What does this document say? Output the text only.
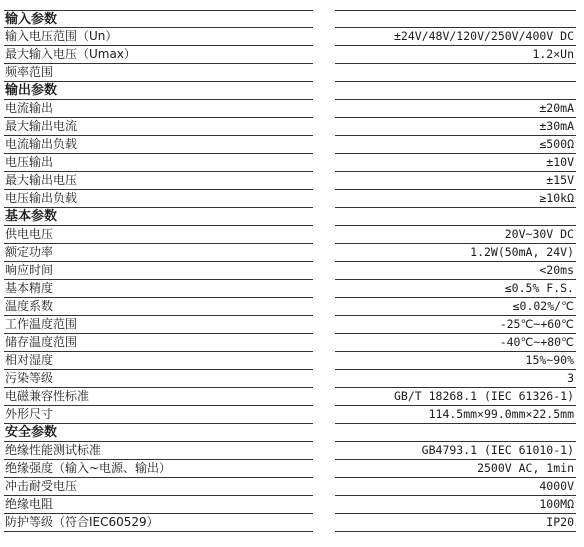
输入参数
输入电压范围（Un）
最大输入电压（Umax）
频率范围
输出参数
电流输出
最大输出电流
电流输出负载
电压输出
最大输出电压
电压输出负载
基本参数
供电电压
额定功率
响应时间
基本精度
温度系数
工作温度范围
储存温度范围
相对湿度
污染等级
电磁兼容性标准
外形尺寸
安全参数
绝缘性能测试标准
绝缘强度（输入~电源、输出）
冲击耐受电压
绝缘电阻
防护等级（符合IEC60529）
±24V/48V/120V/250V/400V DC
1.2×Un
±20mA
±30mA
≤500Ω
±10V
±15V
≥10kΩ
20V~30V DC
1.2W(50mA, 24V)
<20ms
≤0.5% F.S.
≤0.02%/℃
-25℃~+60℃
-40℃~+80℃
15%~90%
3
GB/T 18268.1 (IEC 61326-1)
114.5mm×99.0mm×22.5mm
GB4793.1 (IEC 61010-1)
2500V AC, 1min
4000V
100MΩ
IP20
